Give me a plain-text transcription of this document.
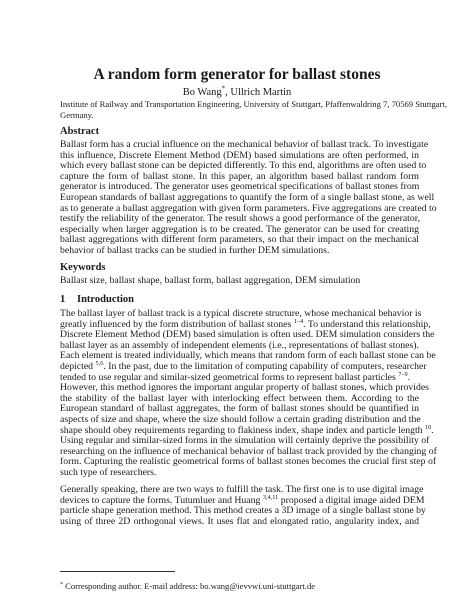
A random form generator for ballast stones
Bo Wang*, Ullrich Martin
Institute of Railway and Transportation Engineering, University of Stuttgart, Pfaffenwaldring 7, 70569 Stuttgart,
Germany.
Abstract
Ballast form has a crucial influence on the mechanical behavior of ballast track. To investigate
this influence, Discrete Element Method (DEM) based simulations are often performed, in
which every ballast stone can be depicted differently. To this end, algorithms are often used to
capture the form of ballast stone. In this paper, an algorithm based ballast random form
generator is introduced. The generator uses geometrical specifications of ballast stones from
European standards of ballast aggregations to quantify the form of a single ballast stone, as well
as to generate a ballast aggregation with given form parameters. Five aggregations are created to
testify the reliability of the generator. The result shows a good performance of the generator,
especially when larger aggregation is to be created. The generator can be used for creating
ballast aggregations with different form parameters, so that their impact on the mechanical
behavior of ballast tracks can be studied in further DEM simulations.
Keywords
Ballast size, ballast shape, ballast form, ballast aggregation, DEM simulation
1 Introduction
The ballast layer of ballast track is a typical discrete structure, whose mechanical behavior is
greatly influenced by the form distribution of ballast stones $^{1-4}$. To understand this relationship,
Discrete Element Method (DEM) based simulation is often used. DEM simulation considers the
ballast layer as an assembly of independent elements (i.e., representations of ballast stones).
Each element is treated individually, which means that random form of each ballast stone can be
depicted $^{5,6}$. In the past, due to the limitation of computing capability of computers, researcher
tended to use regular and similar-sized geometrical forms to represent ballast particles $^{7-9}$.
However, this method ignores the important angular property of ballast stones, which provides
the stability of the ballast layer with interlocking effect between them. According to the
European standard of ballast aggregates, the form of ballast stones should be quantified in
aspects of size and shape, where the size should follow a certain grading distribution and the
shape should obey requirements regarding to flakiness index, shape index and particle length $^{10}$.
Using regular and similar-sized forms in the simulation will certainly deprive the possibility of
researching on the influence of mechanical behavior of ballast track provided by the changing of
form. Capturing the realistic geometrical forms of ballast stones becomes the crucial first step of
such type of researchers.
Generally speaking, there are two ways to fulfill the task. The first one is to use digital image
devices to capture the forms. Tutumluer and Huang $^{3,4,11}$ proposed a digital image aided DEM
particle shape generation method. This method creates a 3D image of a single ballast stone by
using of three 2D orthogonal views. It uses flat and elongated ratio, angularity index, and
* Corresponding author. E-mail address: bo.wang@ievvwi.uni-stuttgart.de
